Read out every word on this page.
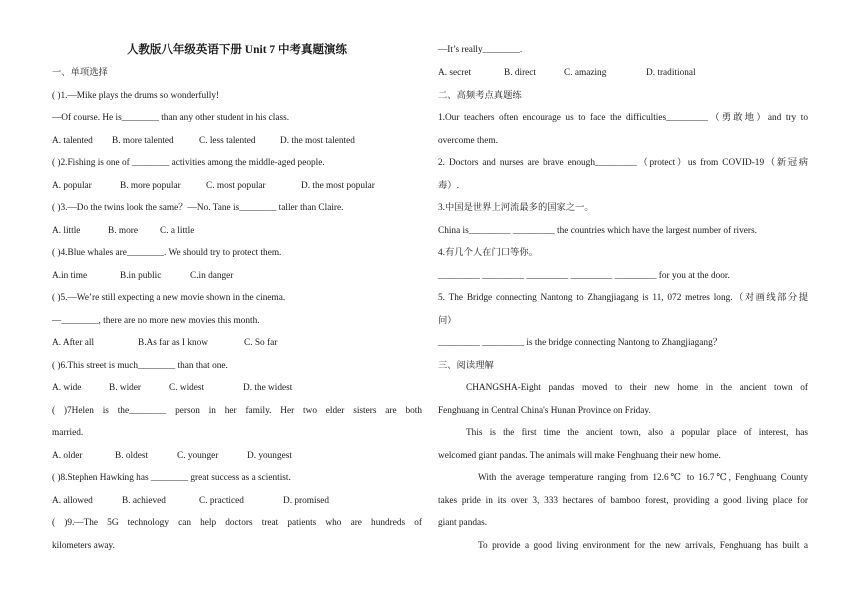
人教版八年级英语下册 Unit 7 中考真题演练
一、单项选择
( )1.—Mike plays the drums so wonderfully!
—Of course. He is________ than any other student in his class.
A. talented	B. more talented	C. less talented	D. the most talented
( )2.Fishing is one of ________ activities among the middle-aged people.
A. popular	B. more popular	C. most popular	D. the most popular
( )3.—Do the twins look the same？—No. Tane is________ taller than Claire.
A. little	B. more	C. a little
( )4.Blue whales are________. We should try to protect them.
A.in time	B.in public	C.in danger
( )5.—We’re still expecting a new movie shown in the cinema.
—________, there are no more new movies this month.
A. After all	B.As far as I know	C. So far
( )6.This street is much________ than that one.
A. wide	B. wider	C. widest	D. the widest
( )7Helen is the________ person in her family. Her two elder sisters are both
married.
A. older	B. oldest	C. younger	D. youngest
( )8.Stephen Hawking has ________ great success as a scientist.
A. allowed	B. achieved	C. practiced	D. promised
( )9.—The 5G technology can help doctors treat patients who are hundreds of
kilometers away.
—It’s really________.
A. secret	B. direct	C. amazing	D. traditional
二、高频考点真题练
1.Our teachers often encourage us to face the difficulties_________（勇敢地）and try to
overcome them.
2. Doctors and nurses are brave enough_________（protect）us from COVID-19（新冠病
毒）.
3.中国是世界上河流最多的国家之一。
China is_________ _________ the countries which have the largest number of rivers.
4.有几个人在门口等你。
_________ _________ _________ _________ _________ for you at the door.
5. The Bridge connecting Nantong to Zhangjiagang is 11, 072 metres long.（对画线部分提
问）
_________ _________ is the bridge connecting Nantong to Zhangjiagang？
三、阅读理解
CHANGSHA-Eight pandas moved to their new home in the ancient town of
Fenghuang in Central China's Hunan Province on Friday.
This is the first time the ancient town, also a popular place of interest, has
welcomed giant pandas. The animals will make Fenghuang their new home.
With the average temperature ranging from 12.6℃ to 16.7℃, Fenghuang County
takes pride in its over 3, 333 hectares of bamboo forest, providing a good living place for
giant pandas.
To provide a good living environment for the new arrivals, Fenghuang has built a
